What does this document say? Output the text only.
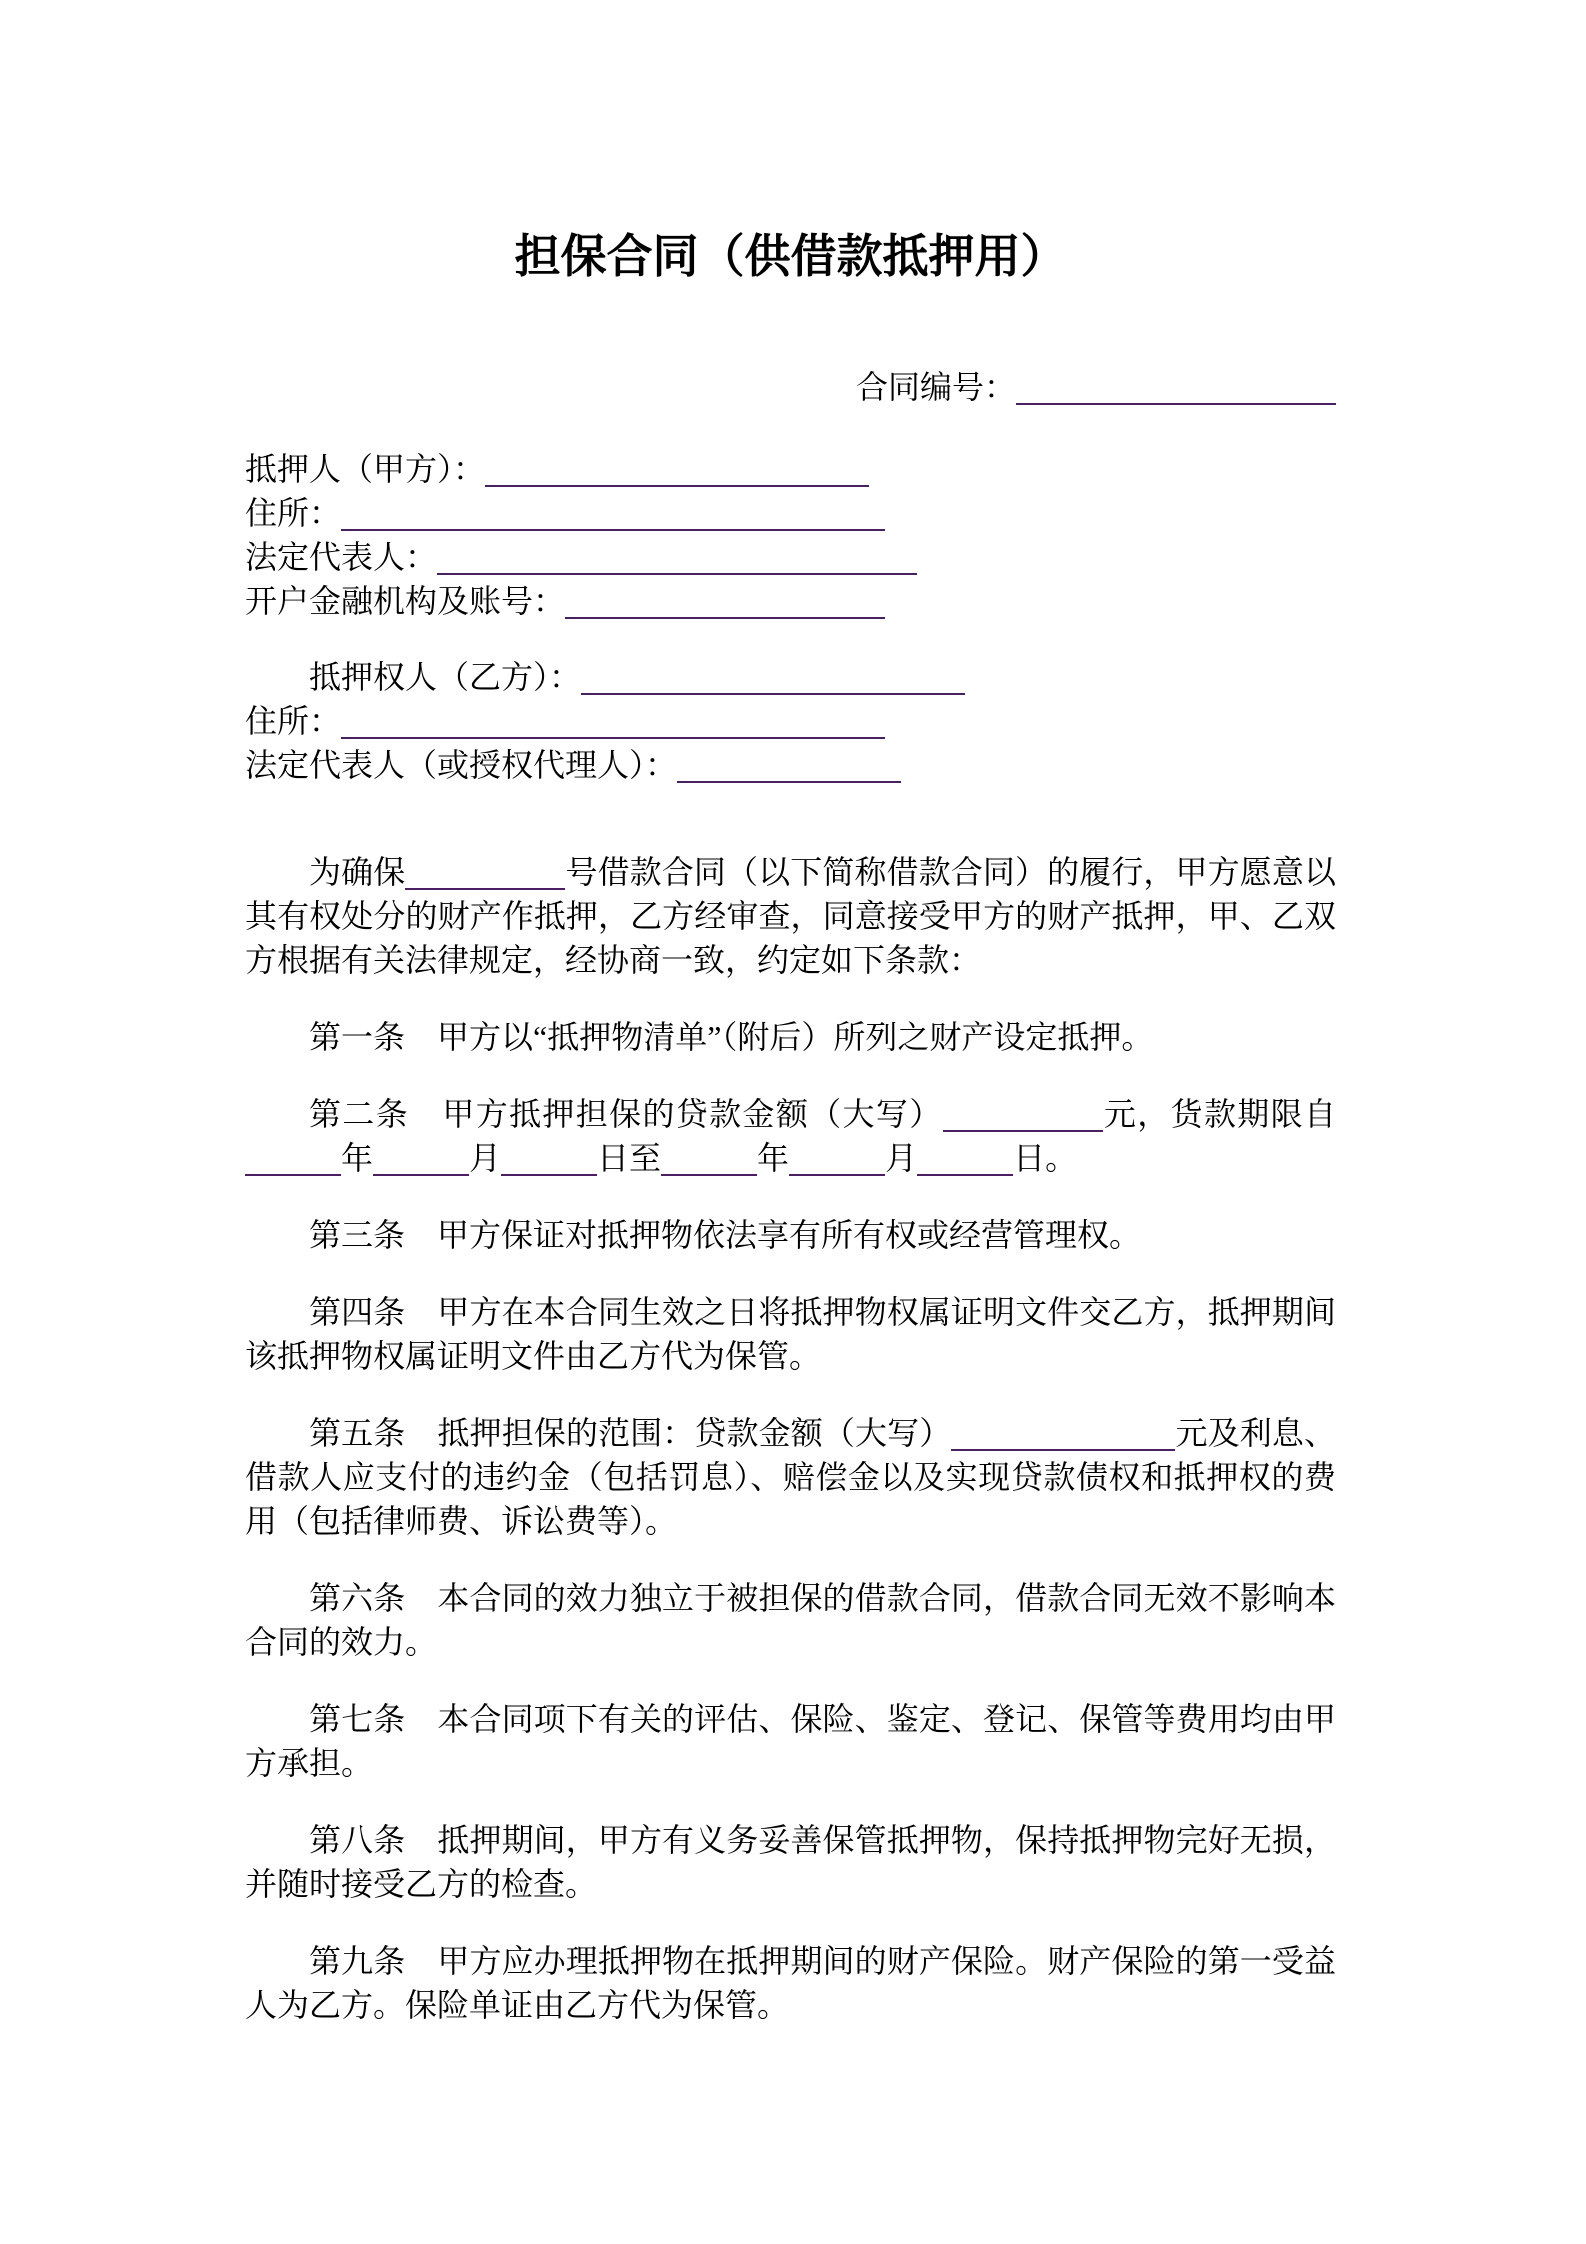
担保合同（供借款抵押用）

合同编号：

抵押人（甲方）：

住所：

法定代表人：

开户金融机构及账号：

抵押权人（乙方）：

住所：

法定代表人（或授权代理人）：

为确保	号借款合同（以下简称借款合同）的履行，甲方愿意以其有权处分的财产作抵押，乙方经审查，同意接受甲方的财产抵押，甲、乙双方根据有关法律规定，经协商一致，约定如下条款：

第一条　甲方以“抵押物清单”（附后）所列之财产设定抵押。

第二条　甲方抵押担保的贷款金额（大写）	元，货款期限自年	月	日至	年	月	日。

第三条　甲方保证对抵押物依法享有所有权或经营管理权。

第四条　甲方在本合同生效之日将抵押物权属证明文件交乙方，抵押期间该抵押物权属证明文件由乙方代为保管。

第五条　抵押担保的范围：贷款金额（大写）	元及利息、借款人应支付的违约金（包括罚息）、赔偿金以及实现贷款债权和抵押权的费用（包括律师费、诉讼费等）。

第六条　本合同的效力独立于被担保的借款合同，借款合同无效不影响本合同的效力。

第七条　本合同项下有关的评估、保险、鉴定、登记、保管等费用均由甲方承担。

第八条　抵押期间，甲方有义务妥善保管抵押物，保持抵押物完好无损，并随时接受乙方的检查。

第九条　甲方应办理抵押物在抵押期间的财产保险。财产保险的第一受益人为乙方。保险单证由乙方代为保管。
